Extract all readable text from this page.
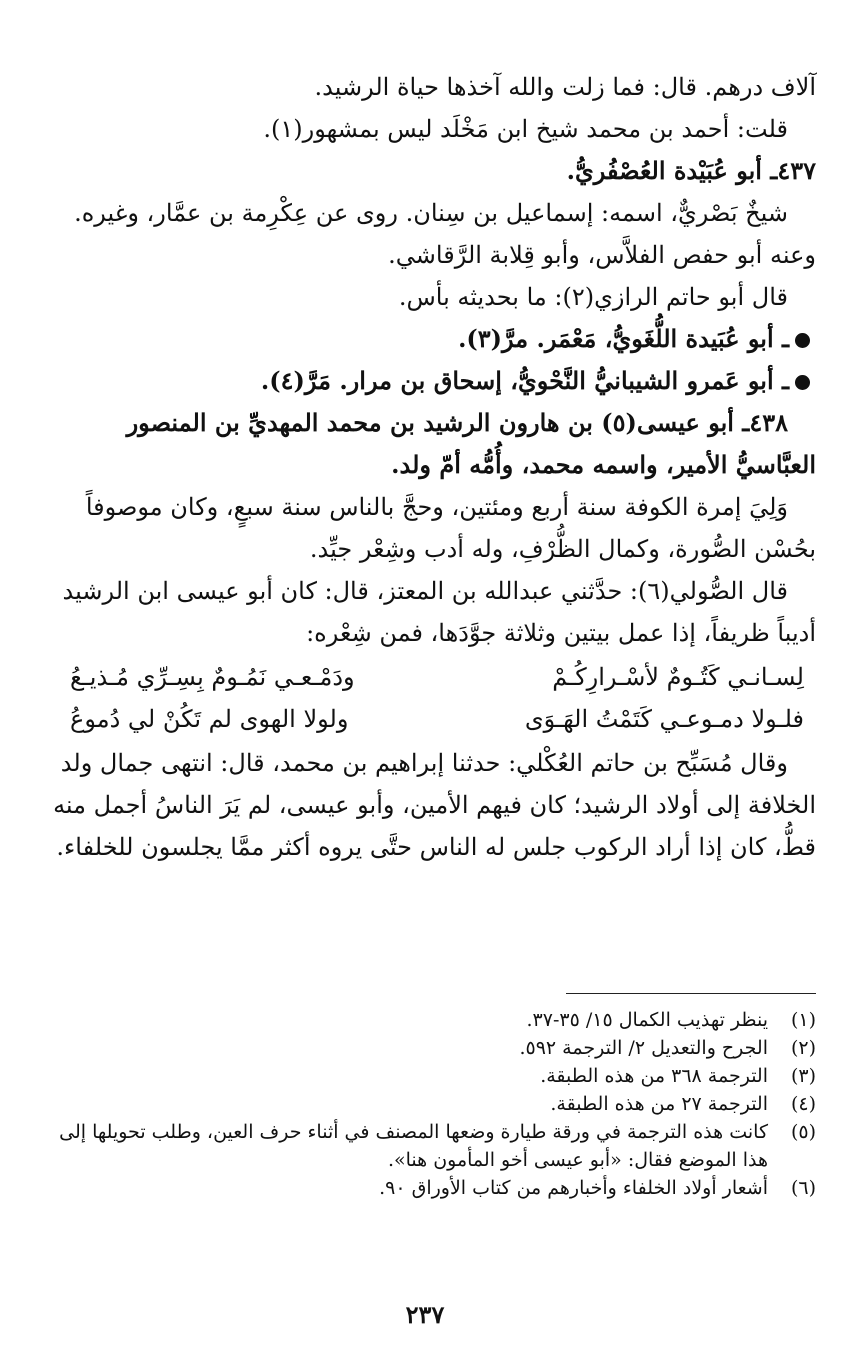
آلاف درهم. قال: فما زلت والله آخذها حياة الرشيد.

قلت: أحمد بن محمد شيخ ابن مَخْلَد ليس بمشهور(١).

٤٣٧ـ أبو عُبَيْدة العُصْفُريُّ.

شيخٌ بَصْريٌّ، اسمه: إسماعيل بن سِنان. روى عن عِكْرِمة بن عمَّار، وغيره. وعنه أبو حفص الفلاَّس، وأبو قِلابة الرَّقاشي.

قال أبو حاتم الرازي(٢): ما بحديثه بأس.

ـ أبو عُبَيدة اللُّغَويُّ، مَعْمَر. مرَّ(٣).

ـ أبو عَمرو الشيبانيُّ النَّحْويُّ، إسحاق بن مرار. مَرَّ(٤).

٤٣٨ـ أبو عيسى(٥) بن هارون الرشيد بن محمد المهديِّ بن المنصور العبَّاسيُّ الأمير، واسمه محمد، وأُمُّه أمّ ولد.

وَلِيَ إمرة الكوفة سنة أربع ومئتين، وحجَّ بالناس سنة سبعٍ، وكان موصوفاً بحُسْن الصُّورة، وكمال الظُّرْفِ، وله أدب وشِعْر جيِّد.

قال الصُّولي(٦): حدَّثني عبدالله بن المعتز، قال: كان أبو عيسى ابن الرشيد أديباً ظريفاً، إذا عمل بيتين وثلاثة جوَّدَها، فمن شِعْره:

لِسـانـي كَتُـومٌ لأسْـرارِكُـمْ
ودَمْـعـي نَمُـومٌ بِسِـرِّي مُـذيـعُ
فلـولا دمـوعـي كَتَمْتُ الهَـوَى
ولولا الهوى لم تَكُنْ لي دُموعُ

وقال مُسَبِّح بن حاتم العُكْلي: حدثنا إبراهيم بن محمد، قال: انتهى جمال ولد الخلافة إلى أولاد الرشيد؛ كان فيهم الأمين، وأبو عيسى، لم يَرَ الناسُ أجمل منه قطُّ، كان إذا أراد الركوب جلس له الناس حتَّى يروه أكثر ممَّا يجلسون للخلفاء.

(١)
ينظر تهذيب الكمال ١٥/ ٣٥-٣٧.

(٢)
الجرح والتعديل ٢/ الترجمة ٥٩٢.

(٣)
الترجمة ٣٦٨ من هذه الطبقة.

(٤)
الترجمة ٢٧ من هذه الطبقة.

(٥)
كانت هذه الترجمة في ورقة طيارة وضعها المصنف في أثناء حرف العين، وطلب تحويلها إلى هذا الموضع فقال: «أبو عيسى أخو المأمون هنا».

(٦)
أشعار أولاد الخلفاء وأخبارهم من كتاب الأوراق ٩٠.

٢٣٧
